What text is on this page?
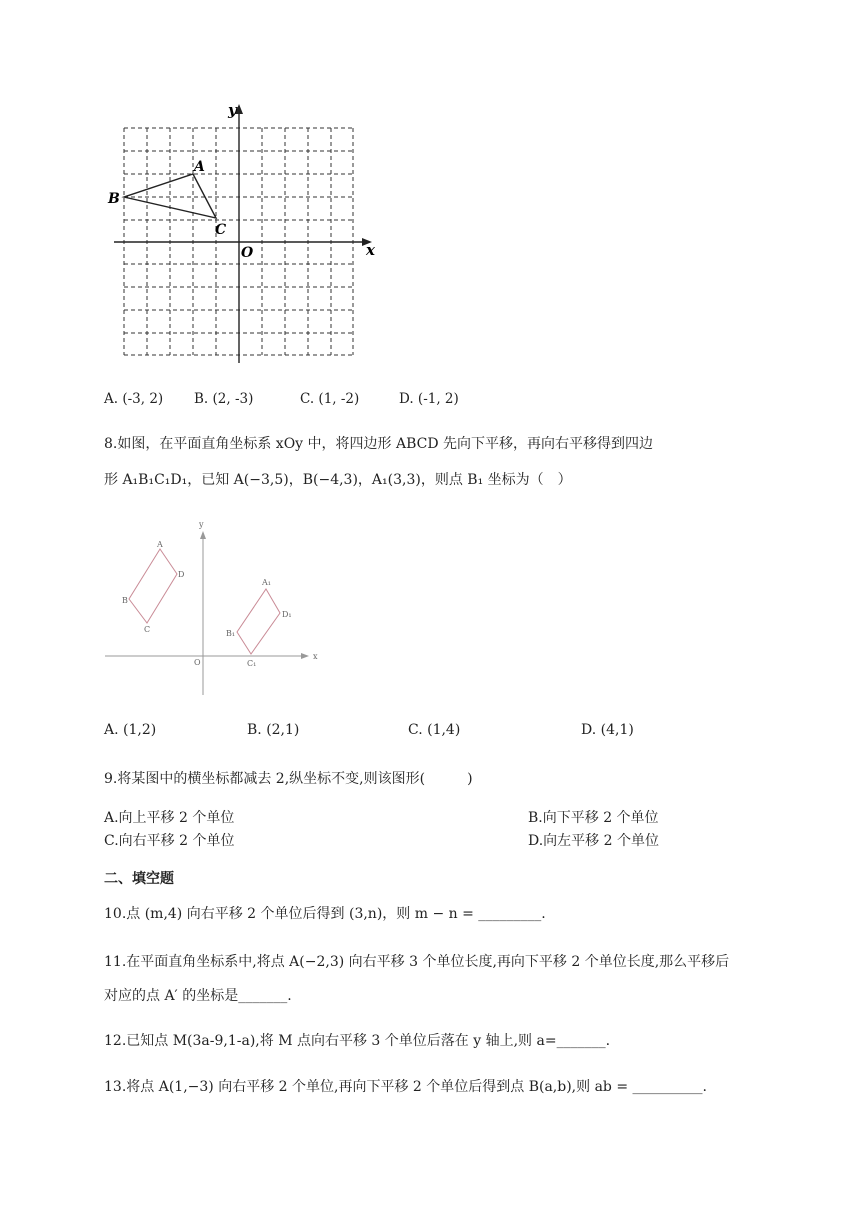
y
x
O
A
B
C
A. (-3, 2) B. (2, -3)	C. (1, -2)	D. (-1, 2)
8.如图，在平面直角坐标系 xOy 中，将四边形 ABCD 先向下平移，再向右平移得到四边
形 A₁B₁C₁D₁，已知 A(−3,5)，B(−4,3)，A₁(3,3)，则点 B₁ 坐标为（　）
y
x
O
A
B
C
D
A₁
B₁
C₁
D₁
A. (1,2)	B. (2,1)	C. (1,4)	D. (4,1)
9.将某图中的横坐标都减去 2,纵坐标不变,则该图形(　　　)
A.向上平移 2 个单位	B.向下平移 2 个单位
C.向右平移 2 个单位	D.向左平移 2 个单位
二、填空题
10.点 (m,4) 向右平移 2 个单位后得到 (3,n)，则 m − n = _________.
11.在平面直角坐标系中,将点 A(−2,3) 向右平移 3 个单位长度,再向下平移 2 个单位长度,那么平移后
对应的点 A′ 的坐标是_______.
12.已知点 M(3a-9,1-a),将 M 点向右平移 3 个单位后落在 y 轴上,则 a=_______.
13.将点 A(1,−3) 向右平移 2 个单位,再向下平移 2 个单位后得到点 B(a,b),则 ab = __________.
